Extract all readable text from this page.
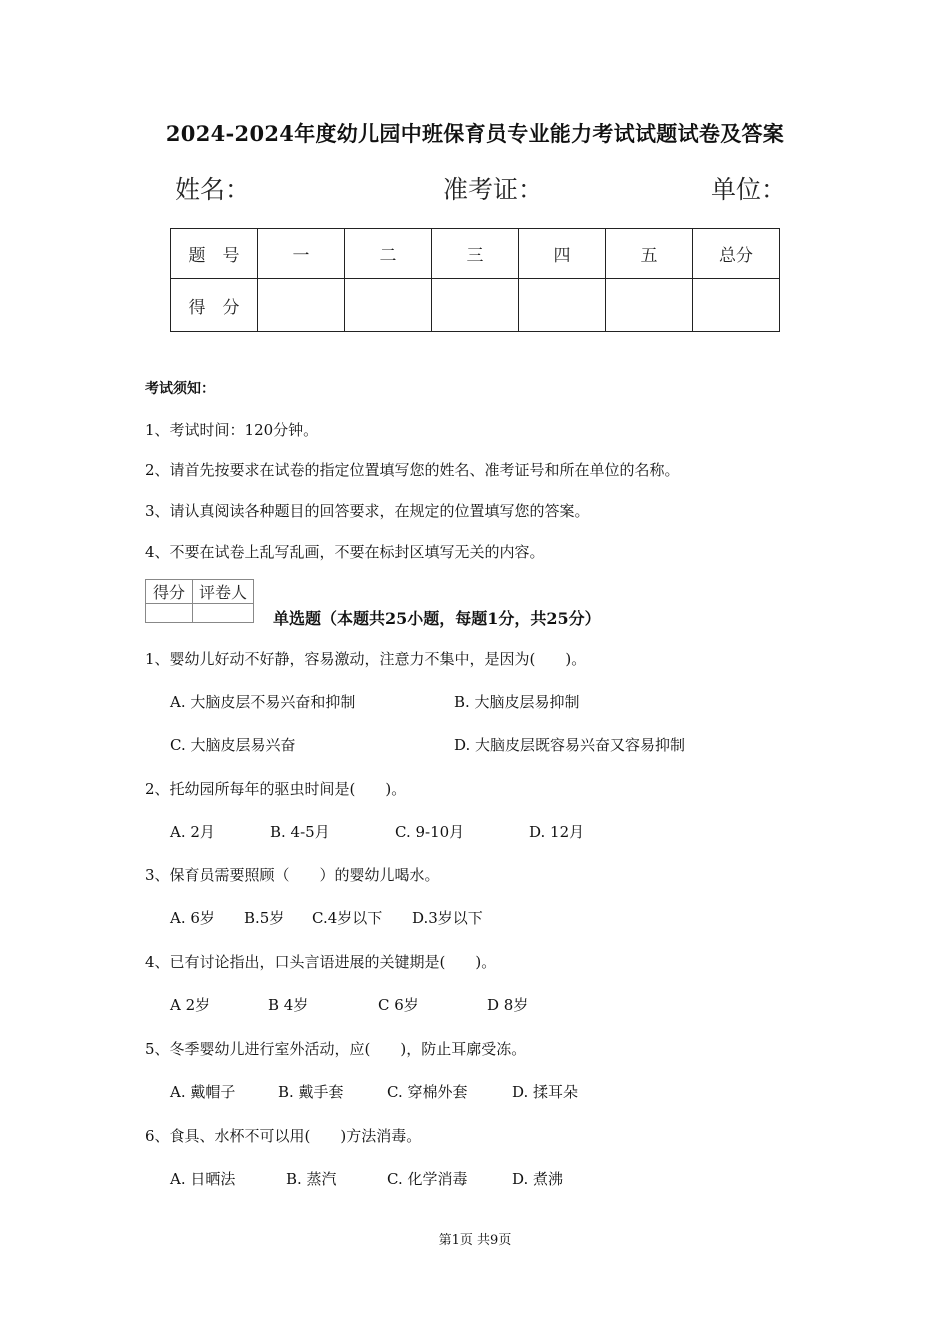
2024-2024年度幼儿园中班保育员专业能力考试试题试卷及答案
姓名：	准考证：	单位：
题　号	一	二	三	四	五	总分
得　分						
考试须知：
1、考试时间：120分钟。
2、请首先按要求在试卷的指定位置填写您的姓名、准考证号和所在单位的名称。
3、请认真阅读各种题目的回答要求，在规定的位置填写您的答案。
4、不要在试卷上乱写乱画，不要在标封区填写无关的内容。
得分	评卷人

单选题（本题共25小题，每题1分，共25分）
1、婴幼儿好动不好静，容易激动，注意力不集中，是因为(　　)。
A. 大脑皮层不易兴奋和抑制	B. 大脑皮层易抑制
C. 大脑皮层易兴奋	D. 大脑皮层既容易兴奋又容易抑制
2、托幼园所每年的驱虫时间是(　　)。
A. 2月	B. 4-5月	C. 9-10月	D. 12月
3、保育员需要照顾（　　）的婴幼儿喝水。
A. 6岁 B.5岁 C.4岁以下 D.3岁以下
4、已有讨论指出，口头言语进展的关键期是(　　)。
A 2岁	B 4岁	C 6岁	D 8岁
5、冬季婴幼儿进行室外活动，应(　　)，防止耳廓受冻。
A. 戴帽子	B. 戴手套	C. 穿棉外套	D. 揉耳朵
6、食具、水杯不可以用(　　)方法消毒。
A. 日晒法	B. 蒸汽	C. 化学消毒	D. 煮沸
第1页 共9页
